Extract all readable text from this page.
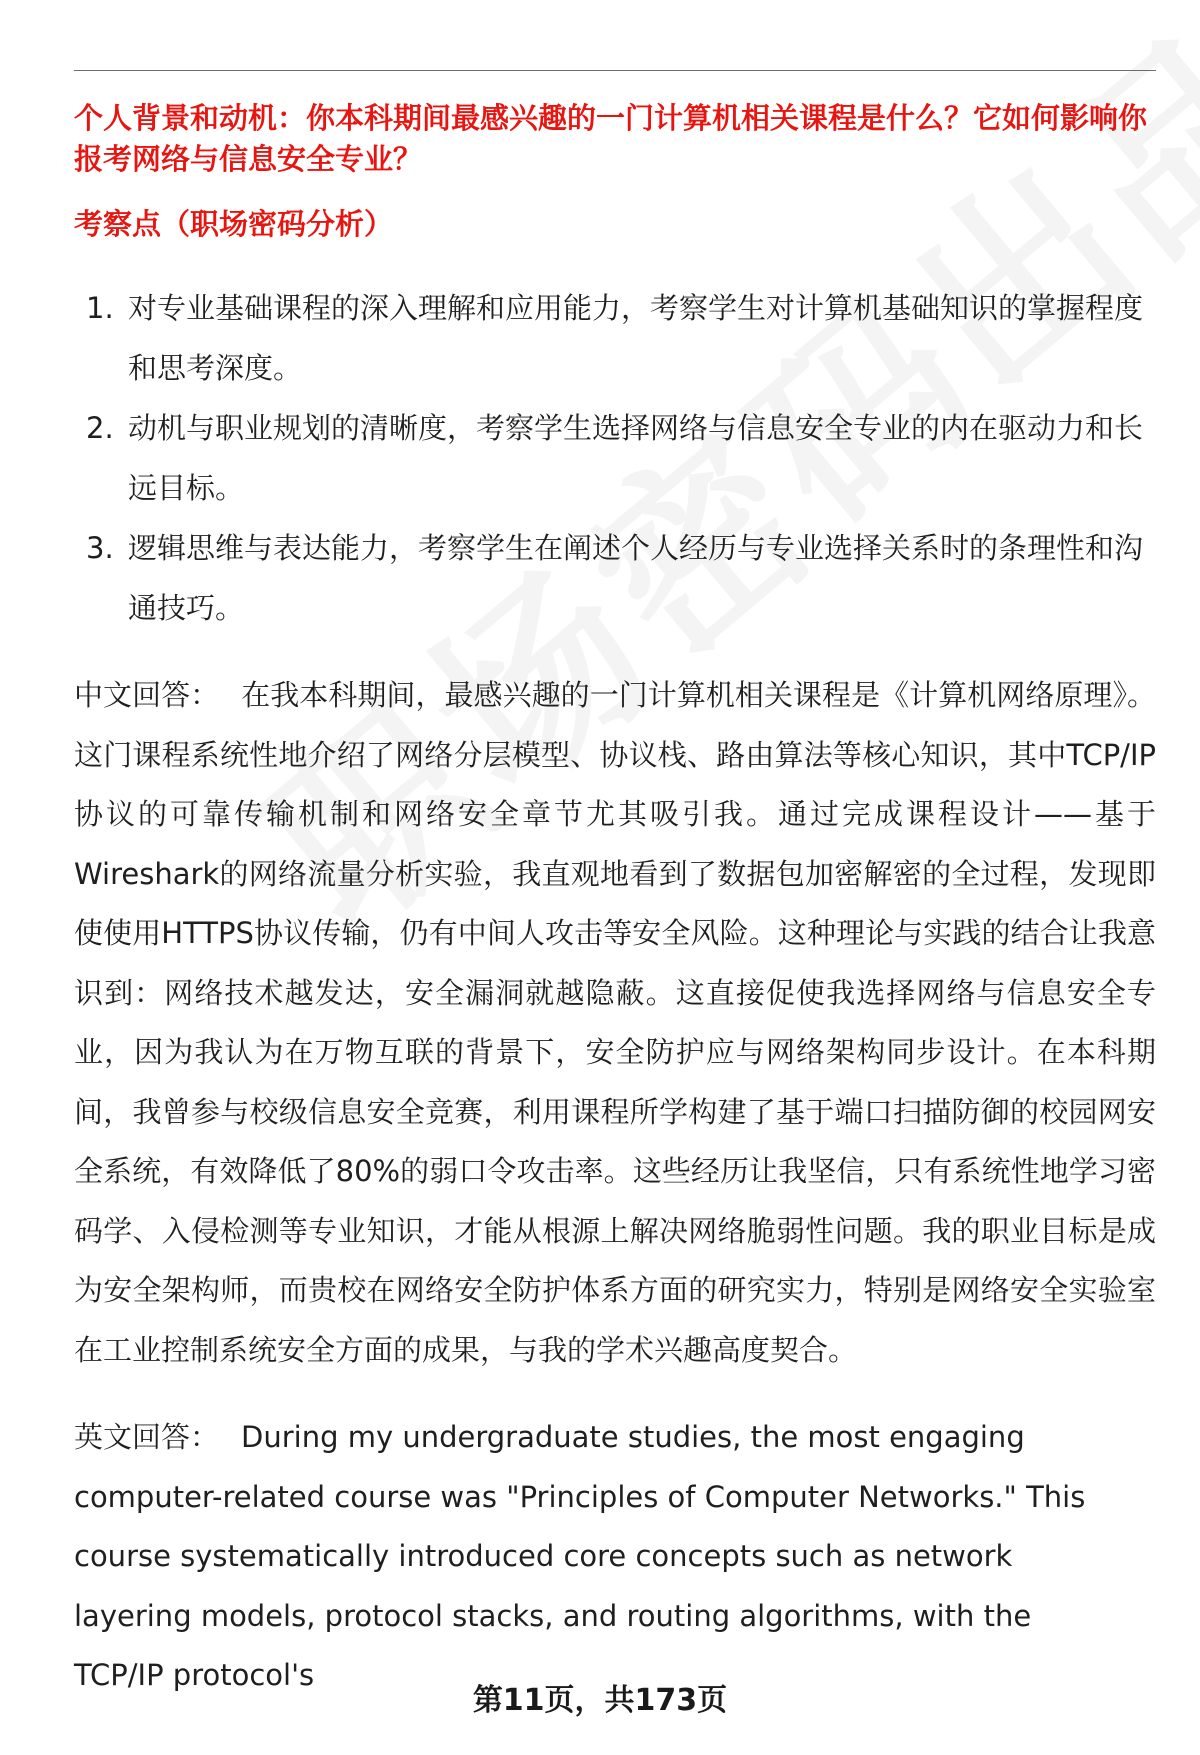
个人背景和动机：你本科期间最感兴趣的一门计算机相关课程是什么？它如何影响你报考网络与信息安全专业？

考察点（职场密码分析）

1. 对专业基础课程的深入理解和应用能力，考察学生对计算机基础知识的掌握程度和思考深度。
2. 动机与职业规划的清晰度，考察学生选择网络与信息安全专业的内在驱动力和长远目标。
3. 逻辑思维与表达能力，考察学生在阐述个人经历与专业选择关系时的条理性和沟通技巧。

中文回答： 在我本科期间，最感兴趣的一门计算机相关课程是《计算机网络原理》。这门课程系统性地介绍了网络分层模型、协议栈、路由算法等核心知识，其中TCP/IP协议的可靠传输机制和网络安全章节尤其吸引我。通过完成课程设计——基于Wireshark的网络流量分析实验，我直观地看到了数据包加密解密的全过程，发现即使使用HTTPS协议传输，仍有中间人攻击等安全风险。这种理论与实践的结合让我意识到：网络技术越发达，安全漏洞就越隐蔽。这直接促使我选择网络与信息安全专业，因为我认为在万物互联的背景下，安全防护应与网络架构同步设计。在本科期间，我曾参与校级信息安全竞赛，利用课程所学构建了基于端口扫描防御的校园网安全系统，有效降低了80%的弱口令攻击率。这些经历让我坚信，只有系统性地学习密码学、入侵检测等专业知识，才能从根源上解决网络脆弱性问题。我的职业目标是成为安全架构师，而贵校在网络安全防护体系方面的研究实力，特别是网络安全实验室在工业控制系统安全方面的成果，与我的学术兴趣高度契合。

英文回答： During my undergraduate studies, the most engaging computer-related course was "Principles of Computer Networks." This course systematically introduced core concepts such as network layering models, protocol stacks, and routing algorithms, with the TCP/IP protocol's

第11页，共173页
